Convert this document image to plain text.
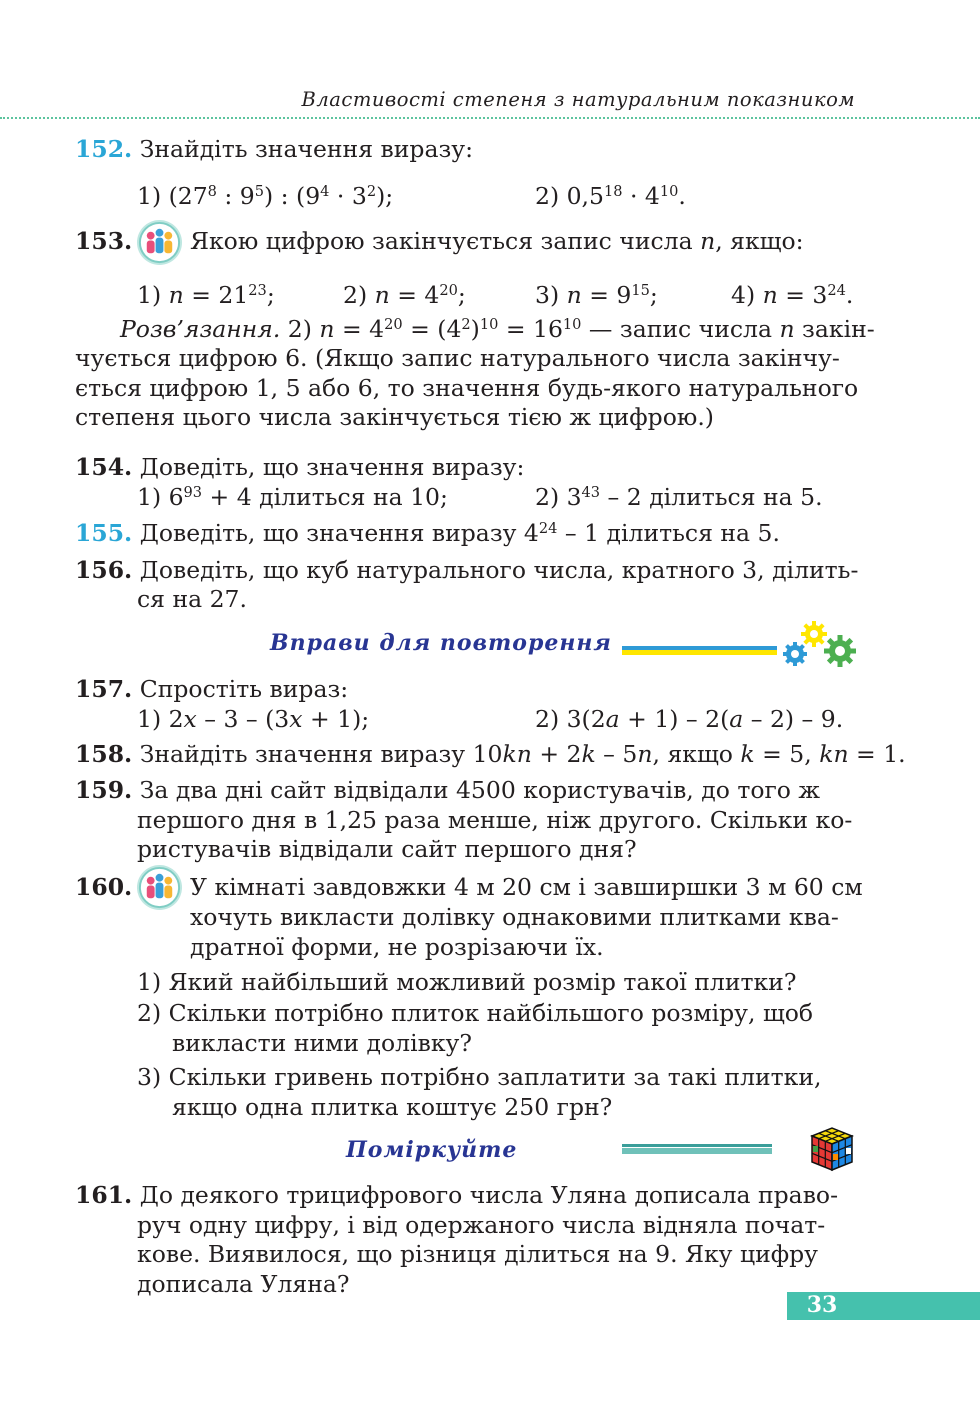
Властивості степеня з натуральним показником
152. Знайдіть значення виразу:
1) ($27^8$ : $9^5$) : $(9^4 \cdot 3^2)$;	2) $0,5^{18} \cdot 4^{10}$.
153. Якою цифрою закінчується запис числа n, якщо:
1) $n = 21^{23}$;	2) $n = 4^{20}$;	3) $n = 9^{15}$;	4) $n = 3^{24}$.
Розв’язання. 2) $n = 4^{20} = (4^2)^{10} = 16^{10}$ — запис числа n закін-
чується цифрою 6. (Якщо запис натурального числа закінчу-
ється цифрою 1, 5 або 6, то значення будь-якого натурального
степеня цього числа закінчується тією ж цифрою.)
154. Доведіть, що значення виразу:
1) $6^{93} + 4$ ділиться на 10;	2) $3^{43} - 2$ ділиться на 5.
155. Доведіть, що значення виразу $4^{24} - 1$ ділиться на 5.
156. Доведіть, що куб натурального числа, кратного 3, ділить-
ся на 27.
Вправи для повторення
157. Спростіть вираз:
1) 2x – 3 – (3x + 1);	2) 3(2a + 1) – 2(a – 2) – 9.
158. Знайдіть значення виразу 10kn + 2k – 5n, якщо k = 5, kn = 1.
159. За два дні сайт відвідали 4500 користувачів, до того ж
першого дня в 1,25 раза менше, ніж другого. Скільки ко-
ристувачів відвідали сайт першого дня?
160. У кімнаті завдовжки 4 м 20 см і завширшки 3 м 60 см
хочуть викласти долівку однаковими плитками ква-
дратної форми, не розрізаючи їх.
1) Який найбільший можливий розмір такої плитки?
2) Скільки потрібно плиток найбільшого розміру, щоб
викласти ними долівку?
3) Скільки гривень потрібно заплатити за такі плитки,
якщо одна плитка коштує 250 грн?
Поміркуйте
161. До деякого трицифрового числа Уляна дописала право-
руч одну цифру, і від одержаного числа відняла почат-
кове. Виявилося, що різниця ділиться на 9. Яку цифру
дописала Уляна?
33
